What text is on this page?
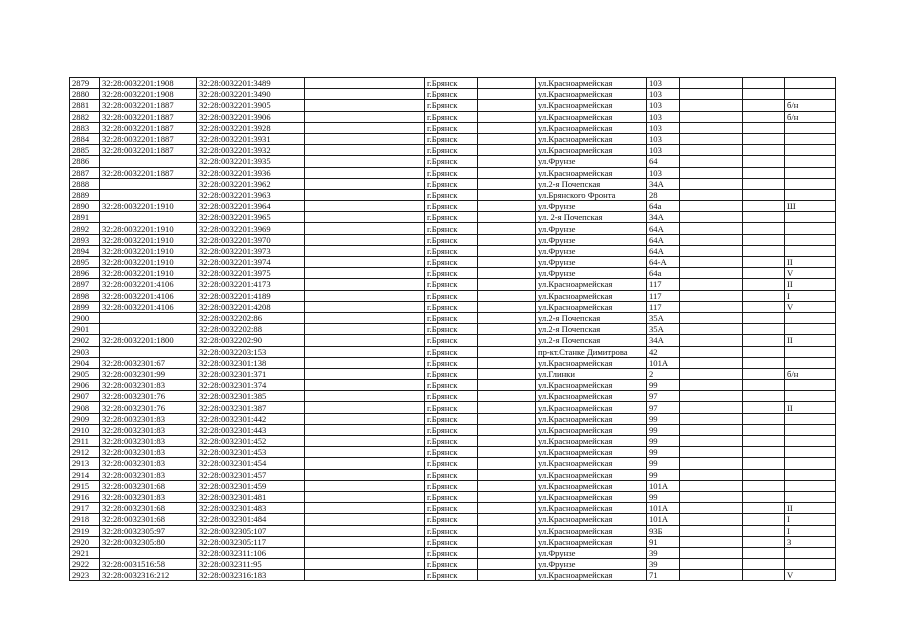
2879	32:28:0032201:1908	32:28:0032201:3489		г.Брянск		ул.Красноармейская	103			
2880	32:28:0032201:1908	32:28:0032201:3490		г.Брянск		ул.Красноармейская	103			
2881	32:28:0032201:1887	32:28:0032201:3905		г.Брянск		ул.Красноармейская	103			б/н
2882	32:28:0032201:1887	32:28:0032201:3906		г.Брянск		ул.Красноармейская	103			б/н
2883	32:28:0032201:1887	32:28:0032201:3928		г.Брянск		ул.Красноармейская	103			
2884	32:28:0032201:1887	32:28:0032201:3931		г.Брянск		ул.Красноармейская	103			
2885	32:28:0032201:1887	32:28:0032201:3932		г.Брянск		ул.Красноармейская	103			
2886		32:28:0032201:3935		г.Брянск		ул.Фрунзе	64			
2887	32:28:0032201:1887	32:28:0032201:3936		г.Брянск		ул.Красноармейская	103			
2888		32:28:0032201:3962		г.Брянск		ул.2-я Почепская	34А			
2889		32:28:0032201:3963		г.Брянск		ул.Брянского Фронта	28			
2890	32:28:0032201:1910	32:28:0032201:3964		г.Брянск		ул.Фрунзе	64а			Ш
2891		32:28:0032201:3965		г.Брянск		ул. 2-я Почепская	34А			
2892	32:28:0032201:1910	32:28:0032201:3969		г.Брянск		ул.Фрунзе	64А			
2893	32:28:0032201:1910	32:28:0032201:3970		г.Брянск		ул.Фрунзе	64А			
2894	32:28:0032201:1910	32:28:0032201:3973		г.Брянск		ул.Фрунзе	64А			
2895	32:28:0032201:1910	32:28:0032201:3974		г.Брянск		ул.Фрунзе	64-А			II
2896	32:28:0032201:1910	32:28:0032201:3975		г.Брянск		ул.Фрунзе	64а			V
2897	32:28:0032201:4106	32:28:0032201:4173		г.Брянск		ул.Красноармейская	117			II
2898	32:28:0032201:4106	32:28:0032201:4189		г.Брянск		ул.Красноармейская	117			I
2899	32:28:0032201:4106	32:28:0032201:4208		г.Брянск		ул.Красноармейская	117			V
2900		32:28:0032202:86		г.Брянск		ул.2-я Почепская	35А			
2901		32:28:0032202:88		г.Брянск		ул.2-я Почепская	35А			
2902	32:28:0032201:1800	32:28:0032202:90		г.Брянск		ул.2-я Почепская	34А			II
2903		32:28:0032203:153		г.Брянск		пр-кт.Станке Димитрова	42			
2904	32:28:0032301:67	32:28:0032301:138		г.Брянск		ул.Красноармейская	101А			
2905	32:28:0032301:99	32:28:0032301:371		г.Брянск		ул.Глинки	2			б/н
2906	32:28:0032301:83	32:28:0032301:374		г.Брянск		ул.Красноармейская	99			
2907	32:28:0032301:76	32:28:0032301:385		г.Брянск		ул.Красноармейская	97			
2908	32:28:0032301:76	32:28:0032301:387		г.Брянск		ул.Красноармейская	97			II
2909	32:28:0032301:83	32:28:0032301:442		г.Брянск		ул.Красноармейская	99			
2910	32:28:0032301:83	32:28:0032301:443		г.Брянск		ул.Красноармейская	99			
2911	32:28:0032301:83	32:28:0032301:452		г.Брянск		ул.Красноармейская	99			
2912	32:28:0032301:83	32:28:0032301:453		г.Брянск		ул.Красноармейская	99			
2913	32:28:0032301:83	32:28:0032301:454		г.Брянск		ул.Красноармейская	99			
2914	32:28:0032301:83	32:28:0032301:457		г.Брянск		ул.Красноармейская	99			
2915	32:28:0032301:68	32:28:0032301:459		г.Брянск		ул.Красноармейская	101А			
2916	32:28:0032301:83	32:28:0032301:481		г.Брянск		ул.Красноармейская	99			
2917	32:28:0032301:68	32:28:0032301:483		г.Брянск		ул.Красноармейская	101А			II
2918	32:28:0032301:68	32:28:0032301:484		г.Брянск		ул.Красноармейская	101А			I
2919	32:28:0032305:97	32:28:0032305:107		г.Брянск		ул.Красноармейская	93Б			I
2920	32:28:0032305:80	32:28:0032305:117		г.Брянск		ул.Красноармейская	91			3
2921		32:28:0032311:106		г.Брянск		ул.Фрунзе	39			
2922	32:28:0031516:58	32:28:0032311:95		г.Брянск		ул.Фрунзе	39			
2923	32:28:0032316:212	32:28:0032316:183		г.Брянск		ул.Красноармейская	71			V
